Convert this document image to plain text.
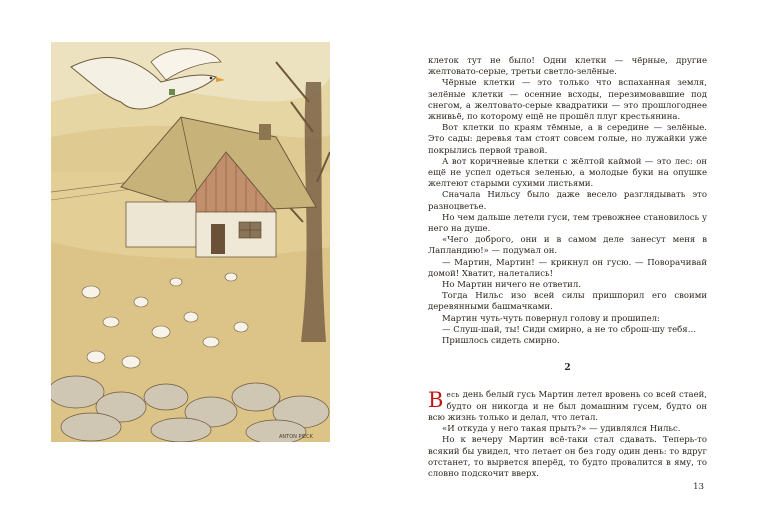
ANTON PIECK

клеток тут не было! Одни клетки — чёрные, другие желтовато-серые, третьи светло-зелёные.

Чёрные клетки — это только что вспаханная земля, зелёные клетки — осенние всходы, перезимовавшие под снегом, а желтовато-серые квадратики — это прошлогоднее жнивьё, по которому ещё не прошёл плуг крестьянина.

Вот клетки по краям тёмные, а в середине — зелёные. Это сады: деревья там стоят совсем голые, но лужайки уже покрылись первой травой.

А вот коричневые клетки с жёлтой каймой — это лес: он ещё не успел одеться зеленью, а молодые буки на опушке желтеют старыми сухими листьями.

Сначала Нильсу было даже весело разглядывать это разноцветье.

Но чем дальше летели гуси, тем тревожнее становилось у него на душе.

«Чего доброго, они и в самом деле занесут меня в Лапландию!» — подумал он.

— Мартин, Мартин! — крикнул он гусю. — Поворачивай домой! Хватит, налетались!

Но Мартин ничего не ответил.

Тогда Нильс изо всей силы пришпорил его своими деревянными башмачками.

Мартин чуть-чуть повернул голову и прошипел:

— Слуш-шай, ты! Сиди смирно, а не то сброш-шу тебя…

Пришлось сидеть смирно.

2

Весь день белый гусь Мартин летел вровень со всей стаей, будто он никогда и не был домашним гусем, будто он всю жизнь только и делал, что летал.

«И откуда у него такая прыть?» — удивлялся Нильс.

Но к вечеру Мартин всё-таки стал сдавать. Теперь-то всякий бы увидел, что летает он без году один день: то вдруг отстанет, то вырвется вперёд, то будто провалится в яму, то словно подскочит вверх.

13
